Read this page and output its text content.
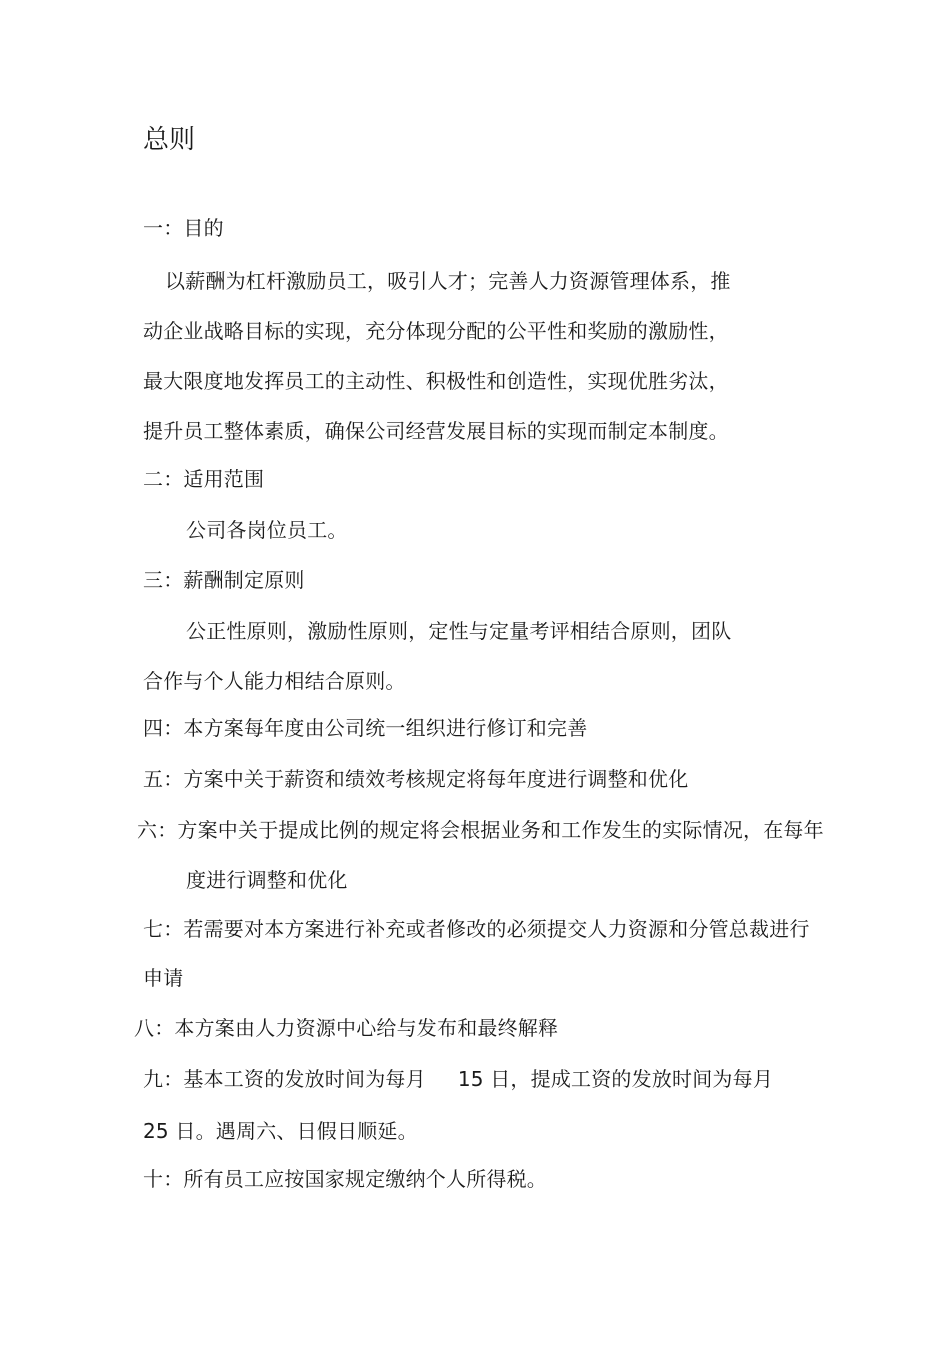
总则
一：目的
以薪酬为杠杆激励员工，吸引人才；完善人力资源管理体系，推
动企业战略目标的实现，充分体现分配的公平性和奖励的激励性，
最大限度地发挥员工的主动性、积极性和创造性，实现优胜劣汰，
提升员工整体素质，确保公司经营发展目标的实现而制定本制度。
二：适用范围
公司各岗位员工。
三：薪酬制定原则
公正性原则，激励性原则，定性与定量考评相结合原则，团队
合作与个人能力相结合原则。
四：本方案每年度由公司统一组织进行修订和完善
五：方案中关于薪资和绩效考核规定将每年度进行调整和优化
六：方案中关于提成比例的规定将会根据业务和工作发生的实际情况，在每年
度进行调整和优化
七：若需要对本方案进行补充或者修改的必须提交人力资源和分管总裁进行
申请
八：本方案由人力资源中心给与发布和最终解释
九：基本工资的发放时间为每月 15 日，提成工资的发放时间为每月
25 日。遇周六、日假日顺延。
十：所有员工应按国家规定缴纳个人所得税。
